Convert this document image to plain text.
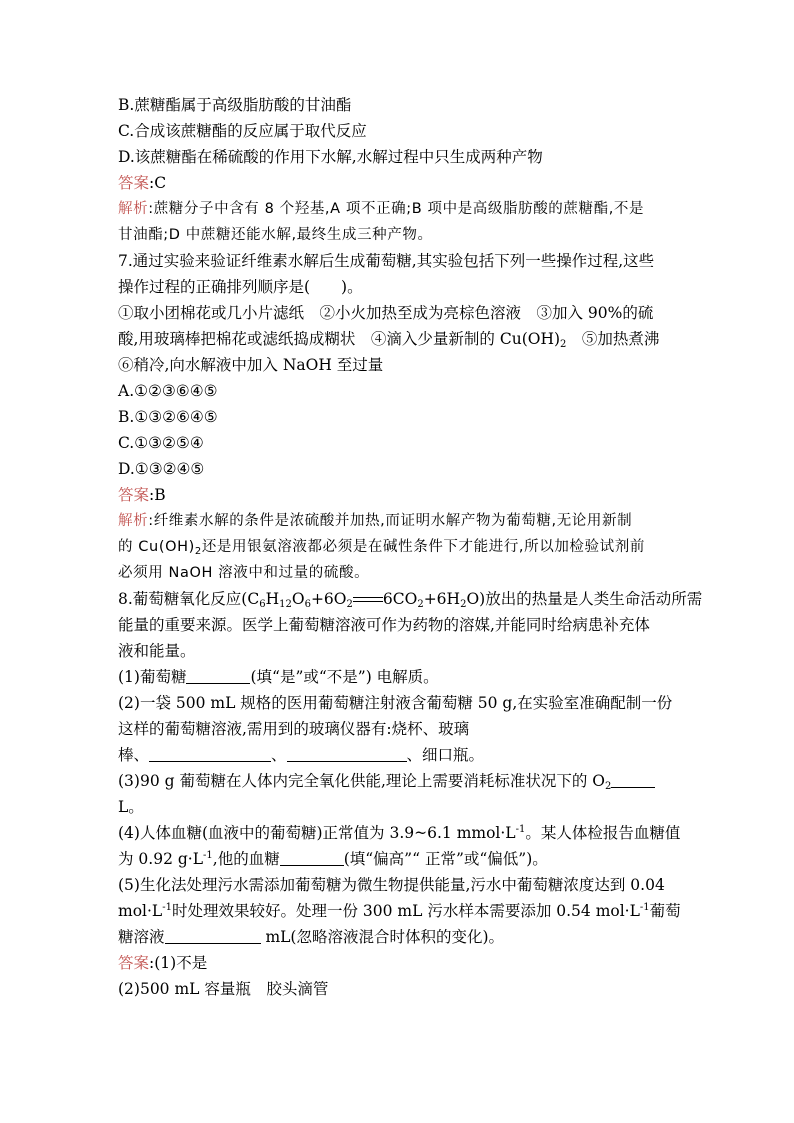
B.蔗糖酯属于高级脂肪酸的甘油酯
C.合成该蔗糖酯的反应属于取代反应
D.该蔗糖酯在稀硫酸的作用下水解,水解过程中只生成两种产物
答案:C
解析:蔗糖分子中含有 8 个羟基,A 项不正确;B 项中是高级脂肪酸的蔗糖酯,不是
甘油酯;D 中蔗糖还能水解,最终生成三种产物。
7.通过实验来验证纤维素水解后生成葡萄糖,其实验包括下列一些操作过程,这些
操作过程的正确排列顺序是(　　)。
①取小团棉花或几小片滤纸　②小火加热至成为亮棕色溶液　③加入 90%的硫
酸,用玻璃棒把棉花或滤纸捣成糊状　④滴入少量新制的 $Cu(OH)_2$　⑤加热煮沸
⑥稍冷,向水解液中加入 NaOH 至过量
A.①②③⑥④⑤
B.①③②⑥④⑤
C.①③②⑤④
D.①③②④⑤
答案:B
解析:纤维素水解的条件是浓硫酸并加热,而证明水解产物为葡萄糖,无论用新制
的 $Cu(OH)_2$还是用银氨溶液都必须是在碱性条件下才能进行,所以加检验试剂前
必须用 NaOH 溶液中和过量的硫酸。
8.葡萄糖氧化反应($C_6H_{12}O_6+6O_2$ $6CO_2+6H_2O$)放出的热量是人类生命活动所需
能量的重要来源。医学上葡萄糖溶液可作为药物的溶媒,并能同时给病患补充体
液和能量。
(1)葡萄糖	(填“是”或“不是”) 电解质。
(2)一袋 500 mL 规格的医用葡萄糖注射液含葡萄糖 50 g,在实验室准确配制一份
这样的葡萄糖溶液,需用到的玻璃仪器有:烧杯、玻璃
棒、	、	、细口瓶。
(3)90 g 葡萄糖在人体内完全氧化供能,理论上需要消耗标准状况下的 $O_2$
L。
(4)人体血糖(血液中的葡萄糖)正常值为 3.9~6.1 $mmol\cdot L^{-1}$。某人体检报告血糖值
为 0.92 $g\cdot L^{-1}$,他的血糖	(填“偏高”“ 正常”或“偏低”)。
(5)生化法处理污水需添加葡萄糖为微生物提供能量,污水中葡萄糖浓度达到 0.04
$mol\cdot L^{-1}$时处理效果较好。处理一份 300 mL 污水样本需要添加 0.54 $mol\cdot L^{-1}$葡萄
糖溶液	mL(忽略溶液混合时体积的变化)。
答案:(1)不是
(2)500 mL 容量瓶　胶头滴管
